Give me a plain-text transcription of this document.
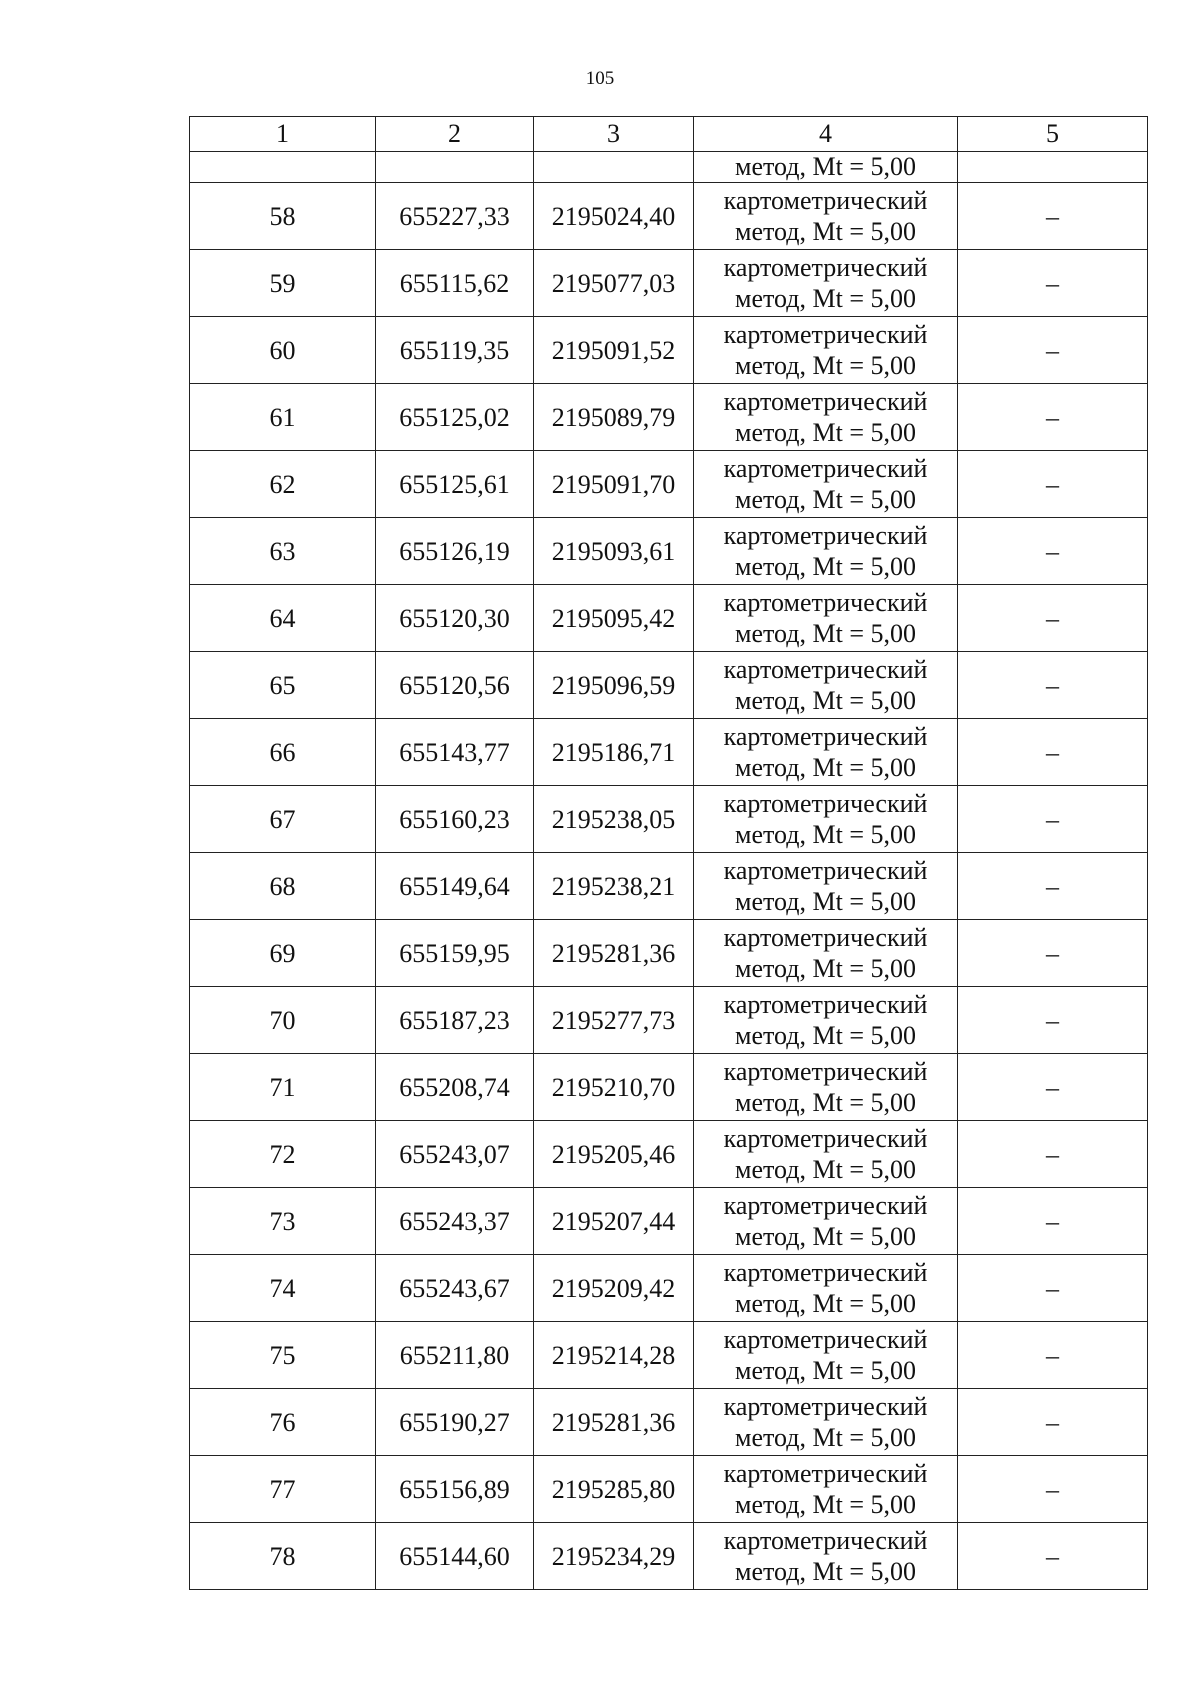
105
1	2	3	4	5
			метод, Mt = 5,00	
58	655227,33	2195024,40	картометрический
метод, Mt = 5,00	–
59	655115,62	2195077,03	картометрический
метод, Mt = 5,00	–
60	655119,35	2195091,52	картометрический
метод, Mt = 5,00	–
61	655125,02	2195089,79	картометрический
метод, Mt = 5,00	–
62	655125,61	2195091,70	картометрический
метод, Mt = 5,00	–
63	655126,19	2195093,61	картометрический
метод, Mt = 5,00	–
64	655120,30	2195095,42	картометрический
метод, Mt = 5,00	–
65	655120,56	2195096,59	картометрический
метод, Mt = 5,00	–
66	655143,77	2195186,71	картометрический
метод, Mt = 5,00	–
67	655160,23	2195238,05	картометрический
метод, Mt = 5,00	–
68	655149,64	2195238,21	картометрический
метод, Mt = 5,00	–
69	655159,95	2195281,36	картометрический
метод, Mt = 5,00	–
70	655187,23	2195277,73	картометрический
метод, Mt = 5,00	–
71	655208,74	2195210,70	картометрический
метод, Mt = 5,00	–
72	655243,07	2195205,46	картометрический
метод, Mt = 5,00	–
73	655243,37	2195207,44	картометрический
метод, Mt = 5,00	–
74	655243,67	2195209,42	картометрический
метод, Mt = 5,00	–
75	655211,80	2195214,28	картометрический
метод, Mt = 5,00	–
76	655190,27	2195281,36	картометрический
метод, Mt = 5,00	–
77	655156,89	2195285,80	картометрический
метод, Mt = 5,00	–
78	655144,60	2195234,29	картометрический
метод, Mt = 5,00	–
